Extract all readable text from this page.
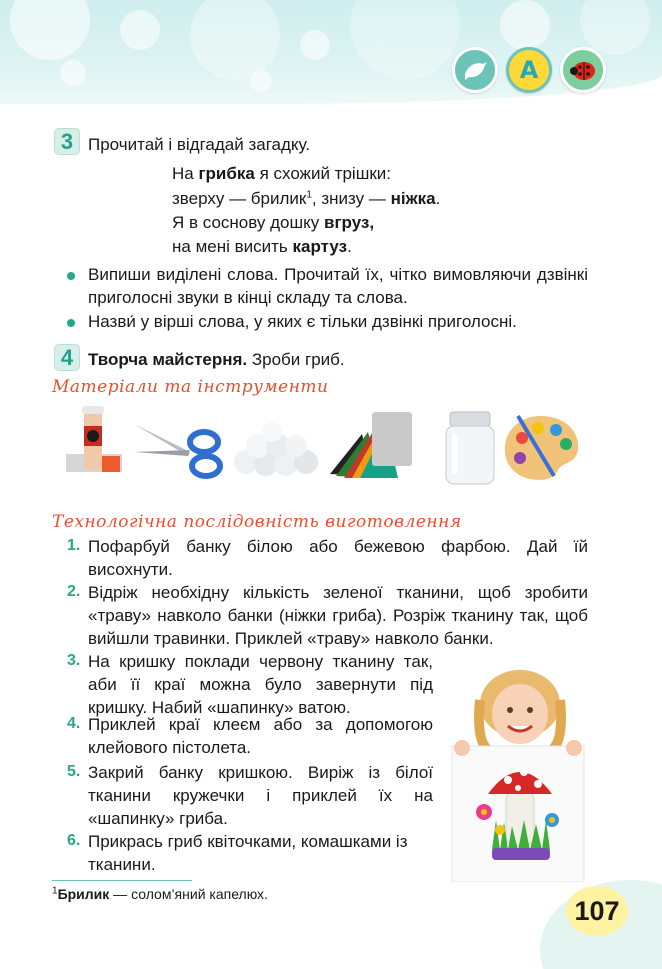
A
3 Прочитай і відгадай загадку.
На грибка я схожий трішки:
зверху — брилик$^1$, знизу — ніжка.
Я в соснову дошку вгруз,
на мені висить картуз.
Випиши виділені слова. Прочитай їх, чітко вимовляючи дзвінкі приголосні звуки в кінці складу та слова.
Назви́ у вірші слова, у яких є тільки дзвінкі приголосні.
4 Творча майстерня. Зроби гриб.
Матеріали та інструменти
Технологічна послідовність виготовлення
1. Пофарбуй банку білою або бежевою фарбою. Дай їй висохнути.
2. Відріж необхідну кількість зеленої тканини, щоб зробити «траву» навколо банки (ніжки гриба). Розріж тканину так, щоб вийшли травинки. Приклей «траву» навколо банки.
3. На кришку поклади червону тканину так, аби її краї можна було завернути під кришку. Набий «шапинку» ватою.
4. Приклей краї клеєм або за допомогою клейового пістолета.
5. Закрий банку кришкою. Виріж із білої тканини кружечки і приклей їх на «шапинку» гриба.
6. Прикрась гриб квіточками, комашками із тканини.
$^1$Брилик — солом’яний капелюх.
107
